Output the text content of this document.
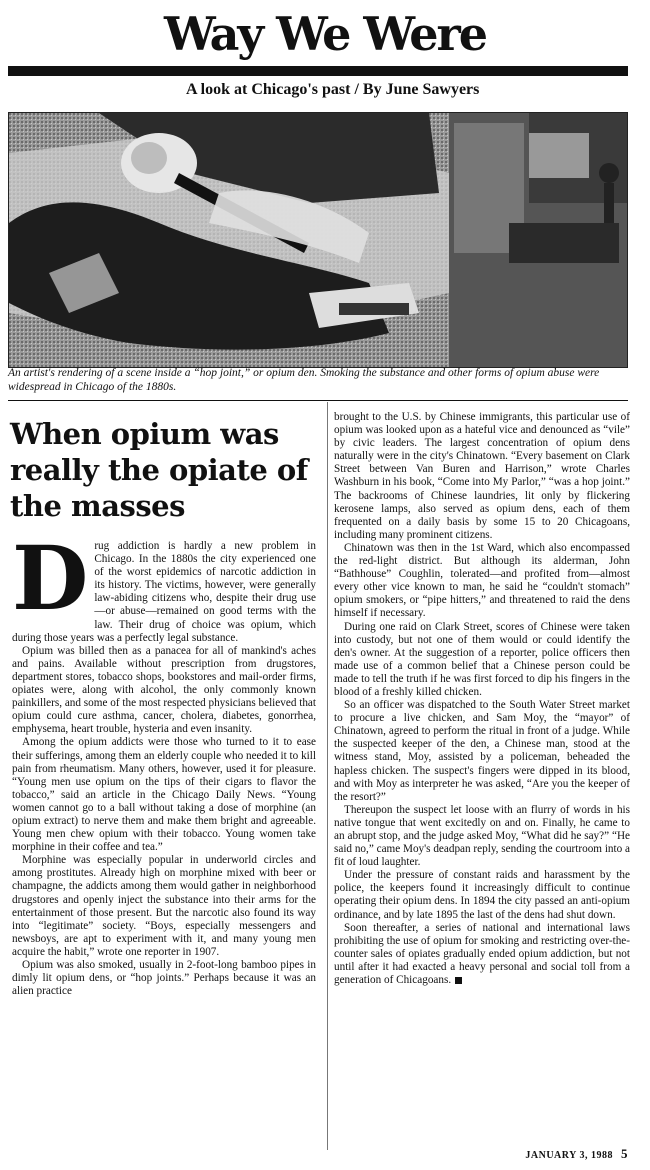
Way We Were
A look at Chicago's past / By June Sawyers
An artist's rendering of a scene inside a “hop joint,” or opium den. Smoking the substance and other forms of opium abuse were widespread in Chicago of the 1880s.
When opium was really the opiate of the masses
D rug addiction is hardly a new problem in Chicago. In the 1880s the city experienced one of the worst epidemics of narcotic addiction in its history. The victims, however, were generally law-abiding citizens who, despite their drug use—or abuse—remained on good terms with the law. Their drug of choice was opium, which during those years was a perfectly legal substance.

Opium was billed then as a panacea for all of mankind's aches and pains. Available without prescription from drugstores, department stores, tobacco shops, bookstores and mail-order firms, opiates were, along with alcohol, the only commonly known painkillers, and some of the most respected physicians believed that opium could cure asthma, cancer, cholera, diabetes, gonorrhea, emphysema, heart trouble, hysteria and even insanity.

Among the opium addicts were those who turned to it to ease their sufferings, among them an elderly couple who needed it to kill pain from rheumatism. Many others, however, used it for pleasure. “Young men use opium on the tips of their cigars to flavor the tobacco,” said an article in the Chicago Daily News. “Young women cannot go to a ball without taking a dose of morphine (an opium extract) to nerve them and make them bright and agreeable. Young men chew opium with their tobacco. Young women take morphine in their coffee and tea.”

Morphine was especially popular in underworld circles and among prostitutes. Already high on morphine mixed with beer or champagne, the addicts among them would gather in neighborhood drugstores and openly inject the substance into their arms for the entertainment of those present. But the narcotic also found its way into “legitimate” society. “Boys, especially messengers and newsboys, are apt to experiment with it, and many young men acquire the habit,” wrote one reporter in 1907.

Opium was also smoked, usually in 2-foot-long bamboo pipes in dimly lit opium dens, or “hop joints.” Perhaps because it was an alien practice

brought to the U.S. by Chinese immigrants, this particular use of opium was looked upon as a hateful vice and denounced as “vile” by civic leaders. The largest concentration of opium dens naturally were in the city's Chinatown. “Every basement on Clark Street between Van Buren and Harrison,” wrote Charles Washburn in his book, “Come into My Parlor,” “was a hop joint.” The backrooms of Chinese laundries, lit only by flickering kerosene lamps, also served as opium dens, each of them frequented on a daily basis by some 15 to 20 Chicagoans, including many prominent citizens.

Chinatown was then in the 1st Ward, which also encompassed the red-light district. But although its alderman, John “Bathhouse” Coughlin, tolerated—and profited from—almost every other vice known to man, he said he “couldn't stomach” opium smokers, or “pipe hitters,” and threatened to raid the dens himself if necessary.

During one raid on Clark Street, scores of Chinese were taken into custody, but not one of them would or could identify the den's owner. At the suggestion of a reporter, police officers then made use of a common belief that a Chinese person could be made to tell the truth if he was first forced to dip his fingers in the blood of a freshly killed chicken.

So an officer was dispatched to the South Water Street market to procure a live chicken, and Sam Moy, the “mayor” of Chinatown, agreed to perform the ritual in front of a judge. While the suspected keeper of the den, a Chinese man, stood at the witness stand, Moy, assisted by a policeman, beheaded the hapless chicken. The suspect's fingers were dipped in its blood, and with Moy as interpreter he was asked, “Are you the keeper of the resort?”

Thereupon the suspect let loose with an flurry of words in his native tongue that went excitedly on and on. Finally, he came to an abrupt stop, and the judge asked Moy, “What did he say?” “He said no,” came Moy's deadpan reply, sending the courtroom into a fit of loud laughter.

Under the pressure of constant raids and harassment by the police, the keepers found it increasingly difficult to continue operating their opium dens. In 1894 the city passed an anti-opium ordinance, and by late 1895 the last of the dens had shut down.

Soon thereafter, a series of national and international laws prohibiting the use of opium for smoking and restricting over-the-counter sales of opiates gradually ended opium addiction, but not until after it had exacted a heavy personal and social toll from a generation of Chicagoans.

JANUARY 3, 1988 5
